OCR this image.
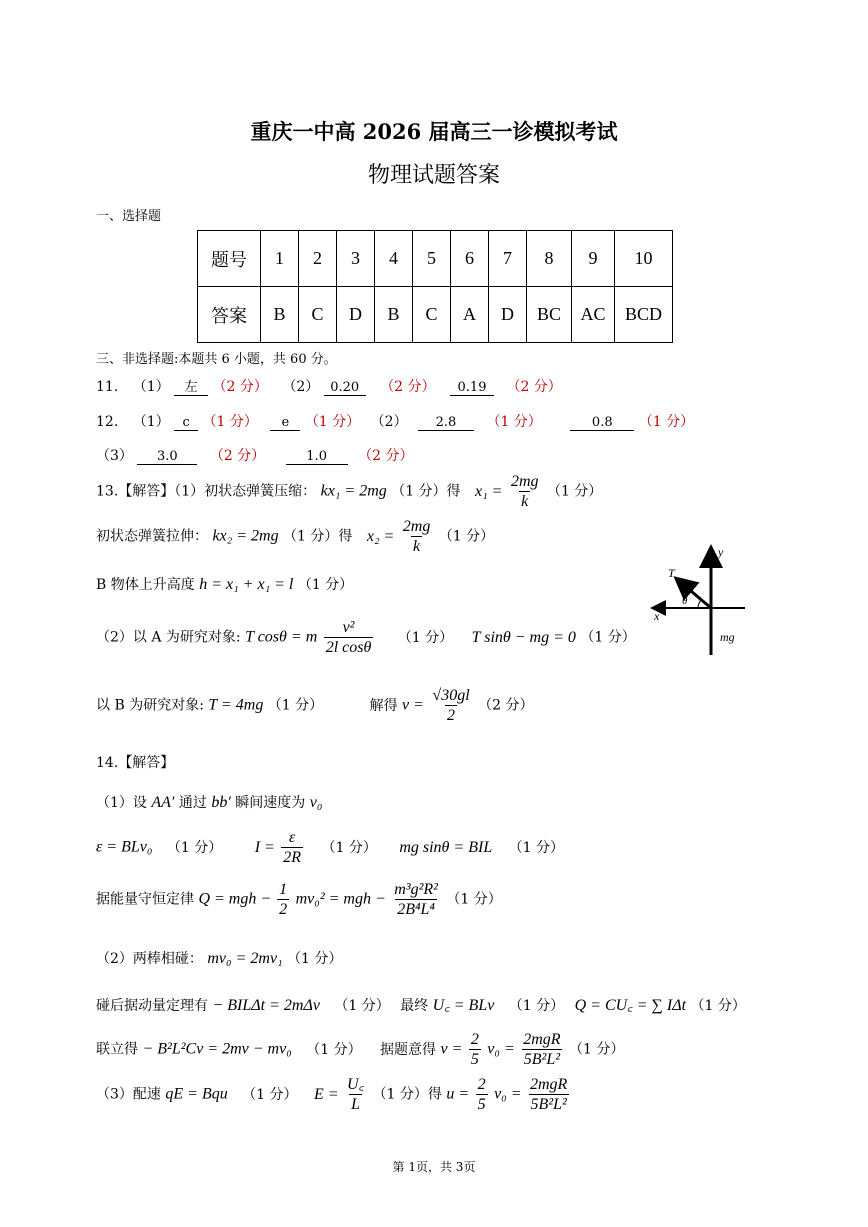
重庆一中高 2026 届高三一诊模拟考试
物理试题答案
一、选择题
题号	1	2	3	4	5	6	7	8	9	10
答案	B	C	D	B	C	A	D	BC	AC	BCD
三、非选择题:本题共 6 小题，共 60 分。
11. （1） 左 （2 分） （2） 0.20 （2 分） 0.19 （2 分）
12. （1） c （1 分） e （1 分） （2） 2.8 （1 分）	0.8 （1 分）
（3） 3.0 （2 分）	1.0 （2 分）
13.【解答】（1）初状态弹簧压缩： kx₁ = 2mg （1 分）得 $x_1 = \frac{2mg}{k} (1$ 分）
初状态弹簧拉伸： kx₂ = 2mg （1 分）得 $x_2 = \frac{2mg}{k} (1$ 分）
B 物体上升高度 h = x₁ + x₁ = l （1 分）
（2）以 A 为研究对象: T cosθ = m $\frac{\text{v²}}{\text{2l cosθ}} (1$ 分） T sinθ − mg = 0 （1 分）
以 B 为研究对象: T = 4mg （1 分）	解得 $v = \frac{√30gl}{2} (2$ 分）
T
y
x
θ
mg
14.【解答】
（1）设 AA′ 通过 bb′ 瞬间速度为 v₀
ε = BLv₀ （1 分） $I = \frac{\varepsilon}{2R} (1$ 分） mg sinθ = BIL （1 分）
据能量守恒定律 Q = mgh − $\frac{1}{2} mv_0^2$ = mgh − $\frac{\text{m³g²R²}}{\text{2B⁴L⁴}} (1$ 分）
（2）两棒相碰： mv₀ = 2mv₁ （1 分）
碰后据动量定理有 − BILΔt = 2mΔv （1 分） 最终 U꜀ = BLv （1 分） Q = CU꜀ = ∑ IΔt （1 分）
联立得 − B²L²Cv = 2mv − mv₀ （1 分） 据题意得 $v = \frac{2}{5} v_0 = \frac{\text{2mgR}}{\text{5B²L²}} (1$ 分）
（3）配速 qE = Bqu （1 分） $E = \frac{U꜀}{L} (1$ 分）得 $u = \frac{2}{5} v_0 = \frac{\text{2mgR}}{\text{5B²L²}}$
第 1页，共 3页
